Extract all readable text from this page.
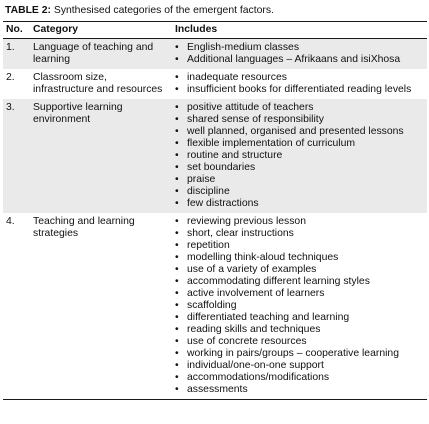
TABLE 2: Synthesised categories of the emergent factors.
No. Category	Includes
1.	Language of teaching and learning
• English-medium classes
• Additional languages – Afrikaans and isiXhosa
2.	Classroom size, infrastructure and resources
• inadequate resources
• insufficient books for differentiated reading levels
3.	Supportive learning environment
• positive attitude of teachers
• shared sense of responsibility
• well planned, organised and presented lessons
• flexible implementation of curriculum
• routine and structure
• set boundaries
• praise
• discipline
• few distractions
4.	Teaching and learning strategies
• reviewing previous lesson
• short, clear instructions
• repetition
• modelling think-aloud techniques
• use of a variety of examples
• accommodating different learning styles
• active involvement of learners
• scaffolding
• differentiated teaching and learning
• reading skills and techniques
• use of concrete resources
• working in pairs/groups – cooperative learning
• individual/one-on-one support
• accommodations/modifications
• assessments
